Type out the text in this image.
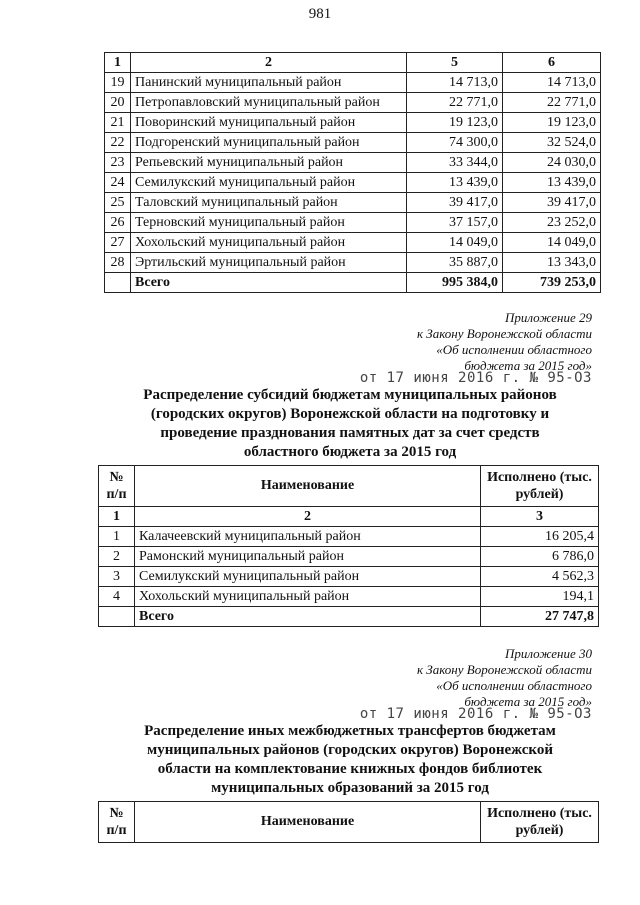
981
1	2	5	6
19	Панинский муниципальный район	14 713,0	14 713,0
20	Петропавловский муниципальный район	22 771,0	22 771,0
21	Поворинский муниципальный район	19 123,0	19 123,0
22	Подгоренский муниципальный район	74 300,0	32 524,0
23	Репьевский муниципальный район	33 344,0	24 030,0
24	Семилукский муниципальный район	13 439,0	13 439,0
25	Таловский муниципальный район	39 417,0	39 417,0
26	Терновский муниципальный район	37 157,0	23 252,0
27	Хохольский муниципальный район	14 049,0	14 049,0
28	Эртильский муниципальный район	35 887,0	13 343,0
	Всего	995 384,0	739 253,0
Приложение 29
к Закону Воронежской области
«Об исполнении областного
бюджета за 2015 год»
от 17 июня 2016 г. № 95-ОЗ
Распределение субсидий бюджетам муниципальных районов
(городских округов) Воронежской области на подготовку и
проведение празднования памятных дат за счет средств
областного бюджета за 2015 год
№ п/п	Наименование	Исполнено (тыс. рублей)
1	2	3
1	Калачеевский муниципальный район	16 205,4
2	Рамонский муниципальный район	6 786,0
3	Семилукский муниципальный район	4 562,3
4	Хохольский муниципальный район	194,1
	Всего	27 747,8
Приложение 30
к Закону Воронежской области
«Об исполнении областного
бюджета за 2015 год»
от 17 июня 2016 г. № 95-ОЗ
Распределение иных межбюджетных трансфертов бюджетам
муниципальных районов (городских округов) Воронежской
области на комплектование книжных фондов библиотек
муниципальных образований за 2015 год
№ п/п	Наименование	Исполнено (тыс. рублей)
